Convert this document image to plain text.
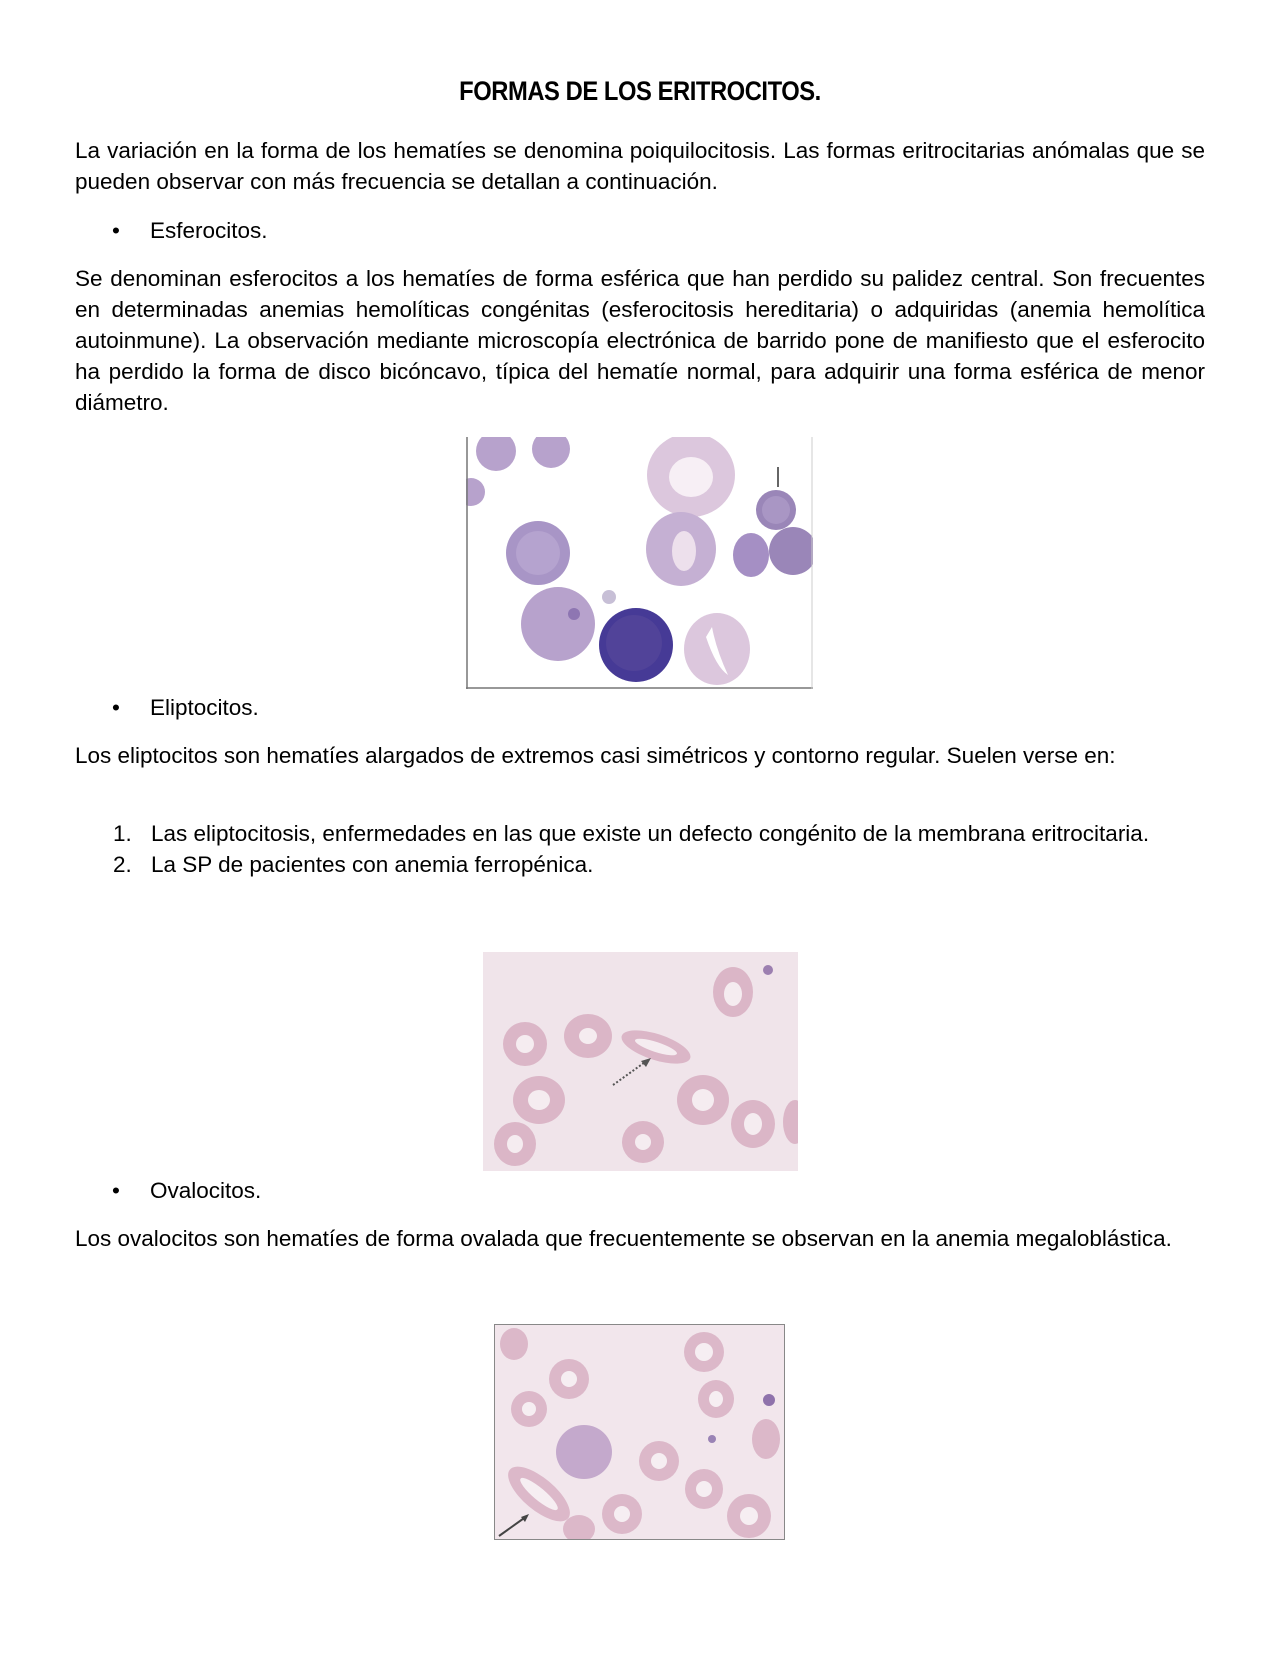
FORMAS DE LOS ERITROCITOS.

La variación en la forma de los hematíes se denomina poiquilocitosis. Las formas eritrocitarias anómalas que se pueden observar con más frecuencia se detallan a continuación.

• Esferocitos.

Se denominan esferocitos a los hematíes de forma esférica que han perdido su palidez central. Son frecuentes en determinadas anemias hemolíticas congénitas (esferocitosis hereditaria) o adquiridas (anemia hemolítica autoinmune). La observación mediante microscopía electrónica de barrido pone de manifiesto que el esferocito ha perdido la forma de disco bicóncavo, típica del hematíe normal, para adquirir una forma esférica de menor diámetro.

• Eliptocitos.

Los eliptocitos son hematíes alargados de extremos casi simétricos y contorno regular. Suelen verse en:

1. Las eliptocitosis, enfermedades en las que existe un defecto congénito de la membrana eritrocitaria.
2. La SP de pacientes con anemia ferropénica.
• Ovalocitos.

Los ovalocitos son hematíes de forma ovalada que frecuentemente se observan en la anemia megaloblástica.
